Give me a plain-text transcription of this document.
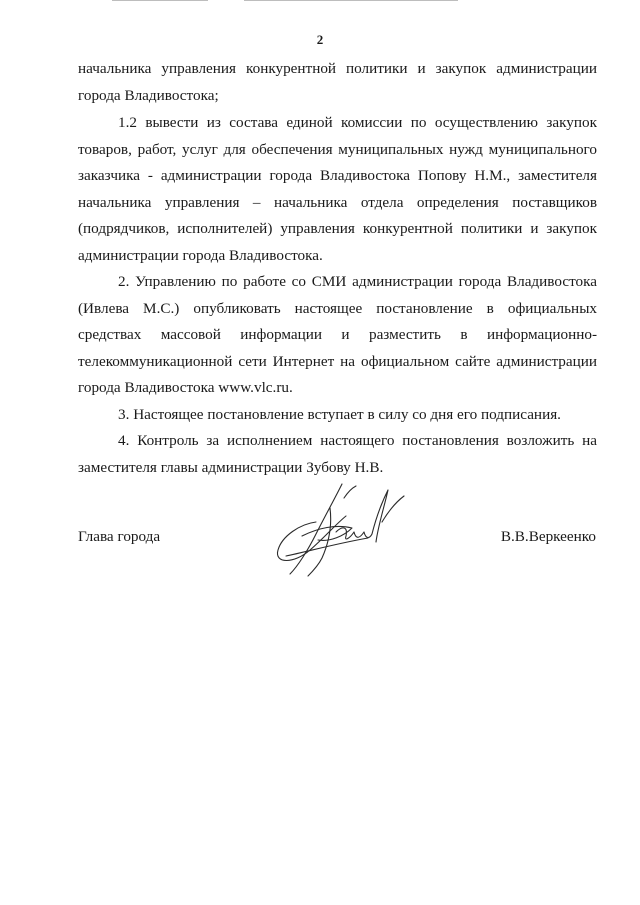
2
начальника управления конкурентной политики и закупок администрации
города Владивостока;
1.2 вывести из состава единой комиссии по осуществлению закупок
товаров, работ, услуг для обеспечения муниципальных нужд муниципального
заказчика - администрации города Владивостока Попову Н.М., заместителя
начальника управления – начальника отдела определения поставщиков
(подрядчиков, исполнителей) управления конкурентной политики и закупок
администрации города Владивостока.
2. Управлению по работе со СМИ администрации города Владивостока
(Ивлева М.С.) опубликовать настоящее постановление в официальных
средствах массовой информации и разместить в информационно-
телекоммуникационной сети Интернет на официальном сайте администрации
города Владивостока www.vlc.ru.
3. Настоящее постановление вступает в силу со дня его подписания.
4. Контроль за исполнением настоящего постановления возложить на
заместителя главы администрации Зубову Н.В.
Глава города	В.В.Веркеенко
